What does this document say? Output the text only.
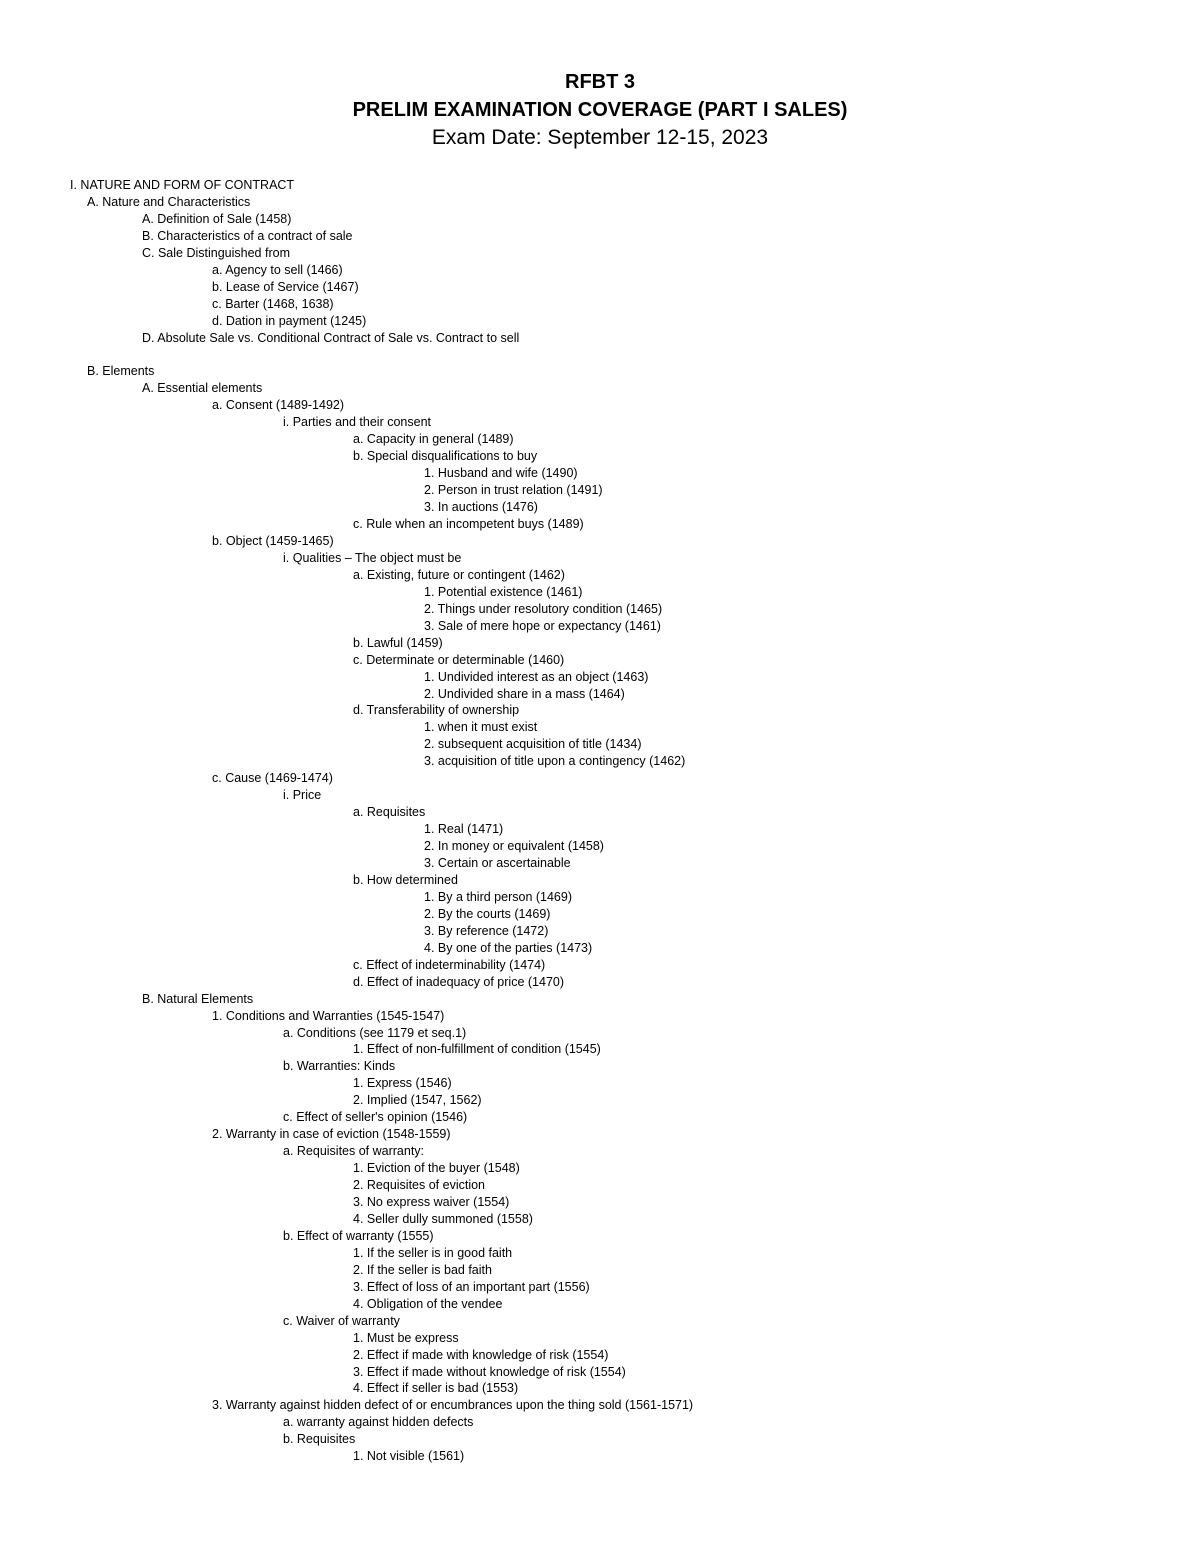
RFBT 3
PRELIM EXAMINATION COVERAGE (PART I SALES)
Exam Date: September 12-15, 2023
I. NATURE AND FORM OF CONTRACT
A. Nature and Characteristics
A. Definition of Sale (1458)
B. Characteristics of a contract of sale
C. Sale Distinguished from
a. Agency to sell (1466)
b. Lease of Service (1467)
c. Barter (1468, 1638)
d. Dation in payment (1245)
D. Absolute Sale vs. Conditional Contract of Sale vs. Contract to sell
B. Elements
A. Essential elements
a. Consent (1489-1492)
i. Parties and their consent
a. Capacity in general (1489)
b. Special disqualifications to buy
1. Husband and wife (1490)
2. Person in trust relation (1491)
3. In auctions (1476)
c. Rule when an incompetent buys (1489)
b. Object (1459-1465)
i. Qualities – The object must be
a. Existing, future or contingent (1462)
1. Potential existence (1461)
2. Things under resolutory condition (1465)
3. Sale of mere hope or expectancy (1461)
b. Lawful (1459)
c. Determinate or determinable (1460)
1. Undivided interest as an object (1463)
2. Undivided share in a mass (1464)
d. Transferability of ownership
1. when it must exist
2. subsequent acquisition of title (1434)
3. acquisition of title upon a contingency (1462)
c. Cause (1469-1474)
i. Price
a. Requisites
1. Real (1471)
2. In money or equivalent (1458)
3. Certain or ascertainable
b. How determined
1. By a third person (1469)
2. By the courts (1469)
3. By reference (1472)
4. By one of the parties (1473)
c. Effect of indeterminability (1474)
d. Effect of inadequacy of price (1470)
B. Natural Elements
1. Conditions and Warranties (1545-1547)
a. Conditions (see 1179 et seq.1)
1. Effect of non-fulfillment of condition (1545)
b. Warranties: Kinds
1. Express (1546)
2. Implied (1547, 1562)
c. Effect of seller's opinion (1546)
2. Warranty in case of eviction (1548-1559)
a. Requisites of warranty:
1. Eviction of the buyer (1548)
2. Requisites of eviction
3. No express waiver (1554)
4. Seller dully summoned (1558)
b. Effect of warranty (1555)
1. If the seller is in good faith
2. If the seller is bad faith
3. Effect of loss of an important part (1556)
4. Obligation of the vendee
c. Waiver of warranty
1. Must be express
2. Effect if made with knowledge of risk (1554)
3. Effect if made without knowledge of risk (1554)
4. Effect if seller is bad (1553)
3. Warranty against hidden defect of or encumbrances upon the thing sold (1561-1571)
a. warranty against hidden defects
b. Requisites
1. Not visible (1561)
